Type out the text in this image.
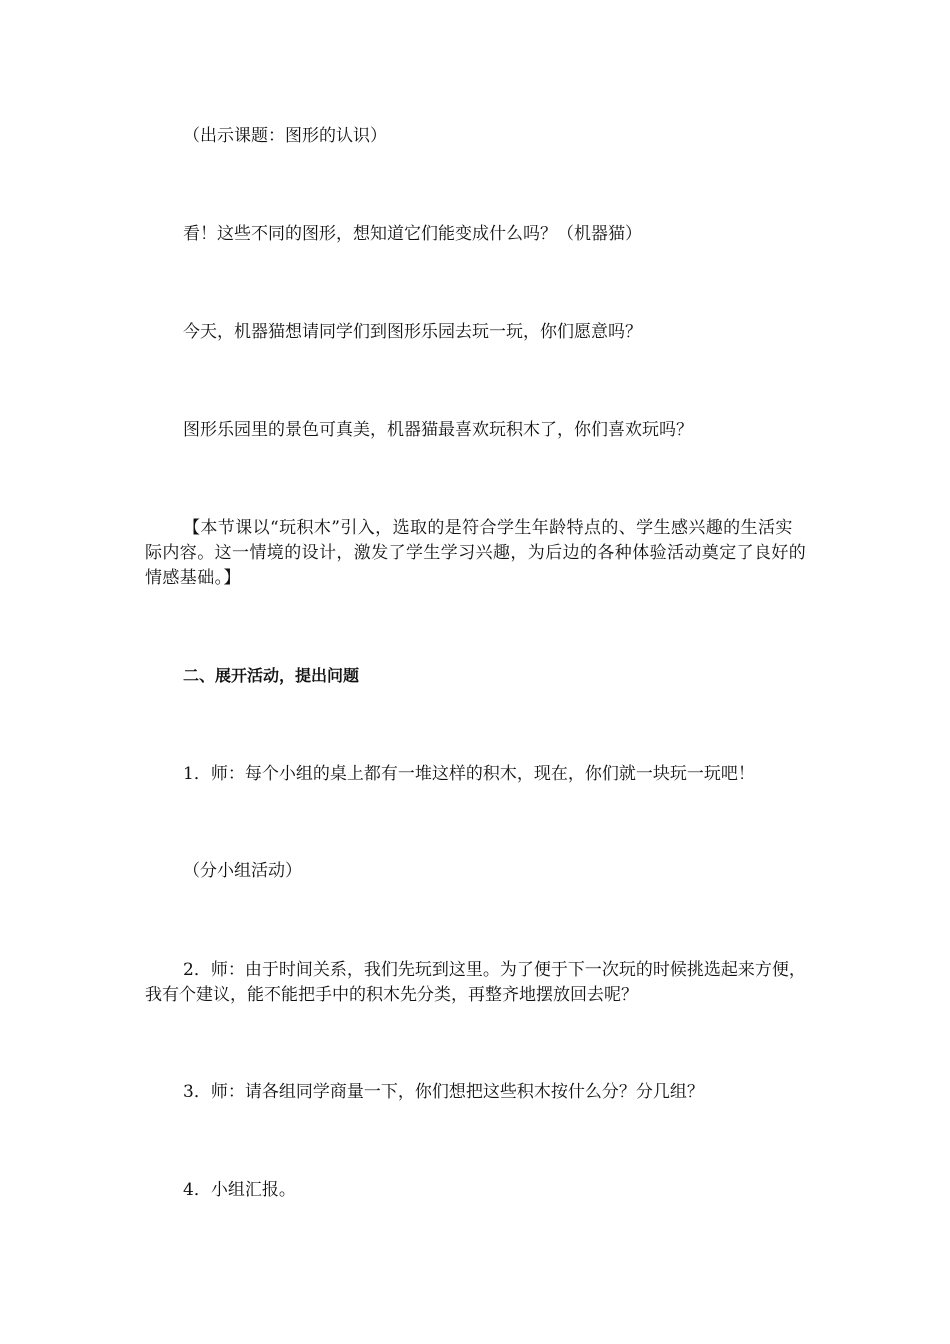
（出示课题：图形的认识）

看！这些不同的图形，想知道它们能变成什么吗？（机器猫）

今天，机器猫想请同学们到图形乐园去玩一玩，你们愿意吗？

图形乐园里的景色可真美，机器猫最喜欢玩积木了，你们喜欢玩吗？

【本节课以“玩积木”引入，选取的是符合学生年龄特点的、学生感兴趣的生活实际内容。这一情境的设计，激发了学生学习兴趣，为后边的各种体验活动奠定了良好的情感基础。】

二、展开活动，提出问题

1．师：每个小组的桌上都有一堆这样的积木，现在，你们就一块玩一玩吧！

（分小组活动）

2．师：由于时间关系，我们先玩到这里。为了便于下一次玩的时候挑选起来方便，我有个建议，能不能把手中的积木先分类，再整齐地摆放回去呢？

3．师：请各组同学商量一下，你们想把这些积木按什么分？分几组？

4．小组汇报。
